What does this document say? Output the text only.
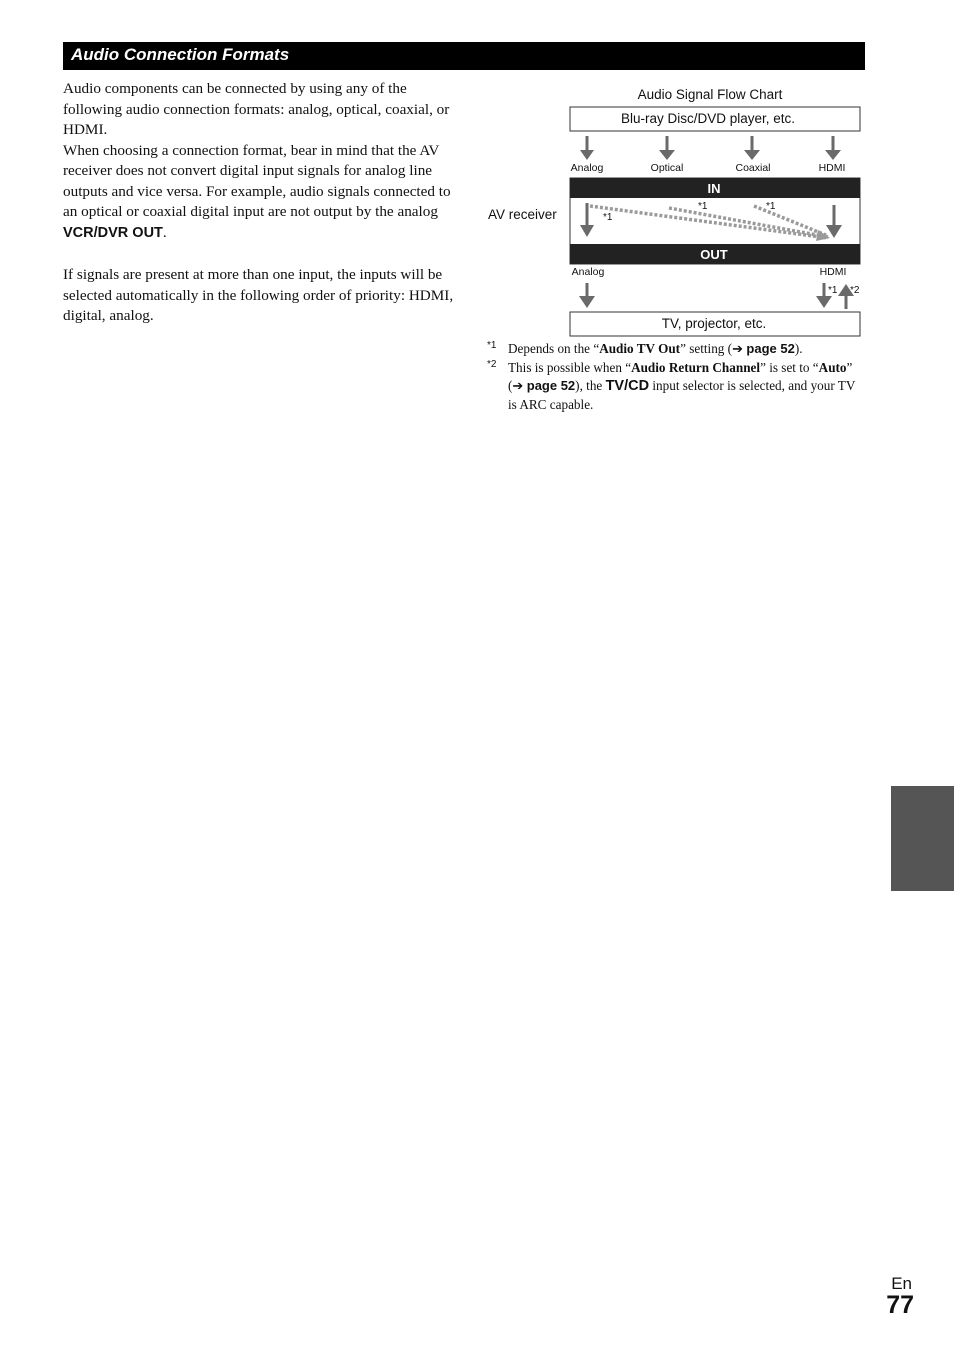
Audio Connection Formats

Audio components can be connected by using any of the following audio connection formats: analog, optical, coaxial, or HDMI.

When choosing a connection format, bear in mind that the AV receiver does not convert digital input signals for analog line outputs and vice versa. For example, audio signals connected to an optical or coaxial digital input are not output by the analog VCR/DVR OUT.

If signals are present at more than one input, the inputs will be selected automatically in the following order of priority: HDMI, digital, analog.

Audio Signal Flow Chart
Blu-ray Disc/DVD player, etc.
Analog	Optical	Coaxial	HDMI
AV receiver
IN
OUT
*1
*1	*1
Analog	HDMI
*1 *2
TV, projector, etc.

*1 Depends on the “Audio TV Out” setting (➔ page 52).

*2 This is possible when “Audio Return Channel” is set to “Auto” (➔ page 52), the TV/CD input selector is selected, and your TV is ARC capable.

En
77
